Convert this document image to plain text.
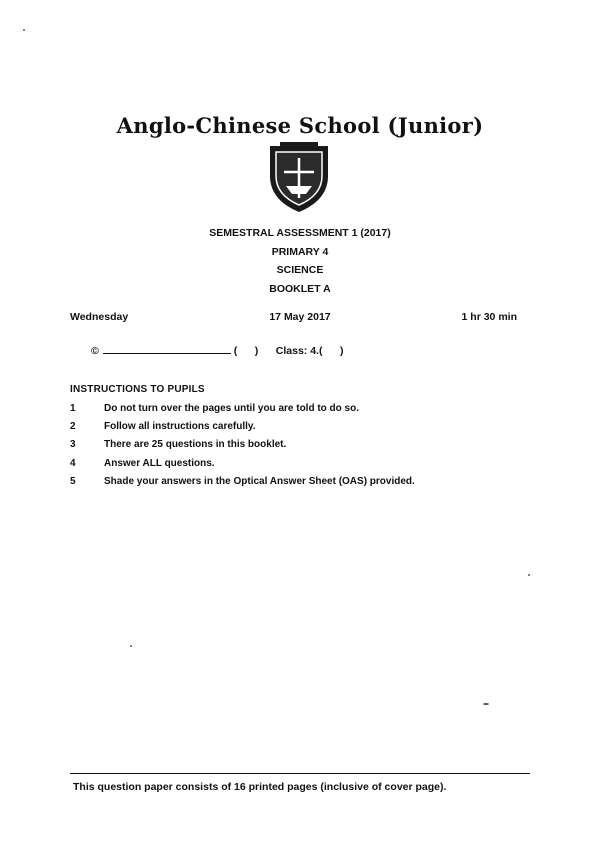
Anglo-Chinese School (Junior)
SEMESTRAL ASSESSMENT 1 (2017)
PRIMARY 4
SCIENCE
BOOKLET A
Wednesday	17 May 2017	1 hr 30 min
©	(      ) Class: 4.(      )
INSTRUCTIONS TO PUPILS
1	Do not turn over the pages until you are told to do so.
2	Follow all instructions carefully.
3	There are 25 questions in this booklet.
4	Answer ALL questions.
5	Shade your answers in the Optical Answer Sheet (OAS) provided.
This question paper consists of 16 printed pages (inclusive of cover page).
